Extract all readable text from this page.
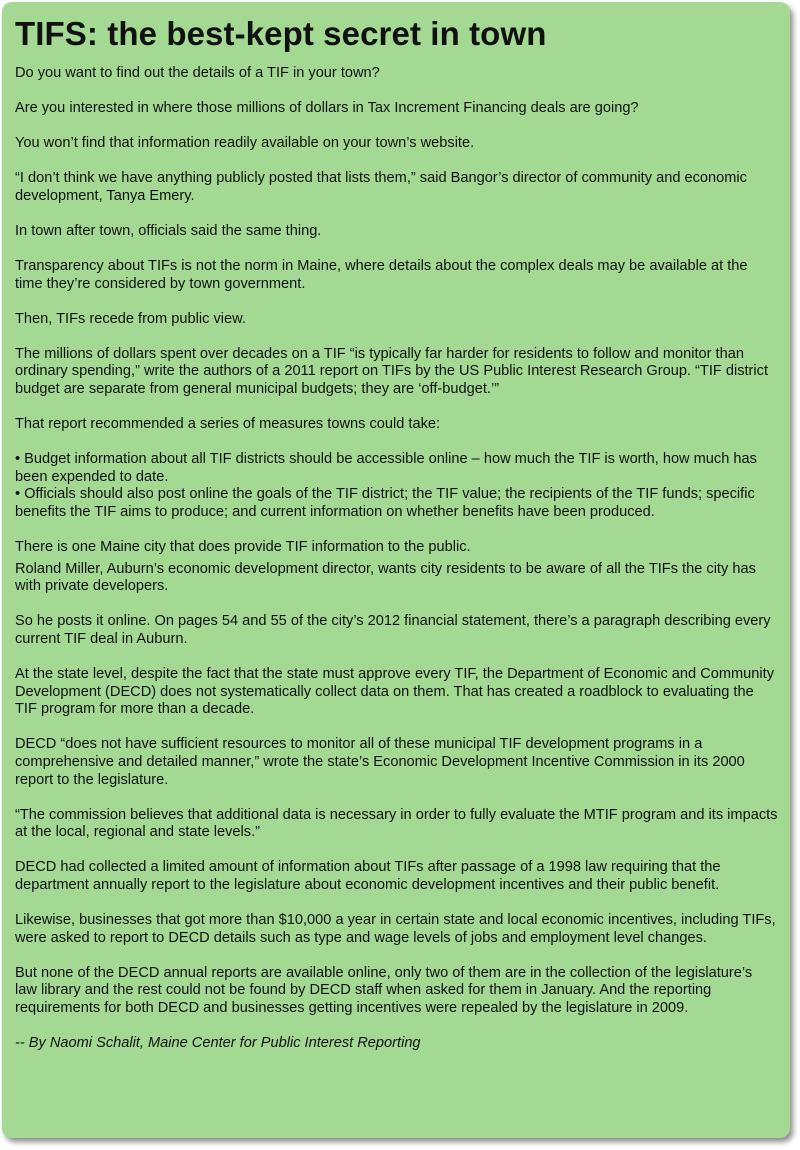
TIFS: the best-kept secret in town

Do you want to find out the details of a TIF in your town?

Are you interested in where those millions of dollars in Tax Increment Financing deals are going?

You won’t find that information readily available on your town’s website.

“I don’t think we have anything publicly posted that lists them,” said Bangor’s director of community and economic development, Tanya Emery.

In town after town, officials said the same thing.

Transparency about TIFs is not the norm in Maine, where details about the complex deals may be available at the time they’re considered by town government.

Then, TIFs recede from public view.

The millions of dollars spent over decades on a TIF “is typically far harder for residents to follow and monitor than ordinary spending,” write the authors of a 2011 report on TIFs by the US Public Interest Research Group. “TIF district budget are separate from general municipal budgets; they are ‘off-budget.’”

That report recommended a series of measures towns could take:

• Budget information about all TIF districts should be accessible online – how much the TIF is worth, how much has been expended to date.

• Officials should also post online the goals of the TIF district; the TIF value; the recipients of the TIF funds; specific benefits the TIF aims to produce; and current information on whether benefits have been produced.

There is one Maine city that does provide TIF information to the public.

Roland Miller, Auburn’s economic development director, wants city residents to be aware of all the TIFs the city has with private developers.

So he posts it online. On pages 54 and 55 of the city’s 2012 financial statement, there’s a paragraph describing every current TIF deal in Auburn.

At the state level, despite the fact that the state must approve every TIF, the Department of Economic and Community Development (DECD) does not systematically collect data on them. That has created a roadblock to evaluating the TIF program for more than a decade.

DECD “does not have sufficient resources to monitor all of these municipal TIF development programs in a comprehensive and detailed manner,” wrote the state’s Economic Development Incentive Commission in its 2000 report to the legislature.

“The commission believes that additional data is necessary in order to fully evaluate the MTIF program and its impacts at the local, regional and state levels.”

DECD had collected a limited amount of information about TIFs after passage of a 1998 law requiring that the department annually report to the legislature about economic development incentives and their public benefit.

Likewise, businesses that got more than $10,000 a year in certain state and local economic incentives, including TIFs, were asked to report to DECD details such as type and wage levels of jobs and employment level changes.

But none of the DECD annual reports are available online, only two of them are in the collection of the legislature’s law library and the rest could not be found by DECD staff when asked for them in January. And the reporting requirements for both DECD and businesses getting incentives were repealed by the legislature in 2009.

-- By Naomi Schalit, Maine Center for Public Interest Reporting
